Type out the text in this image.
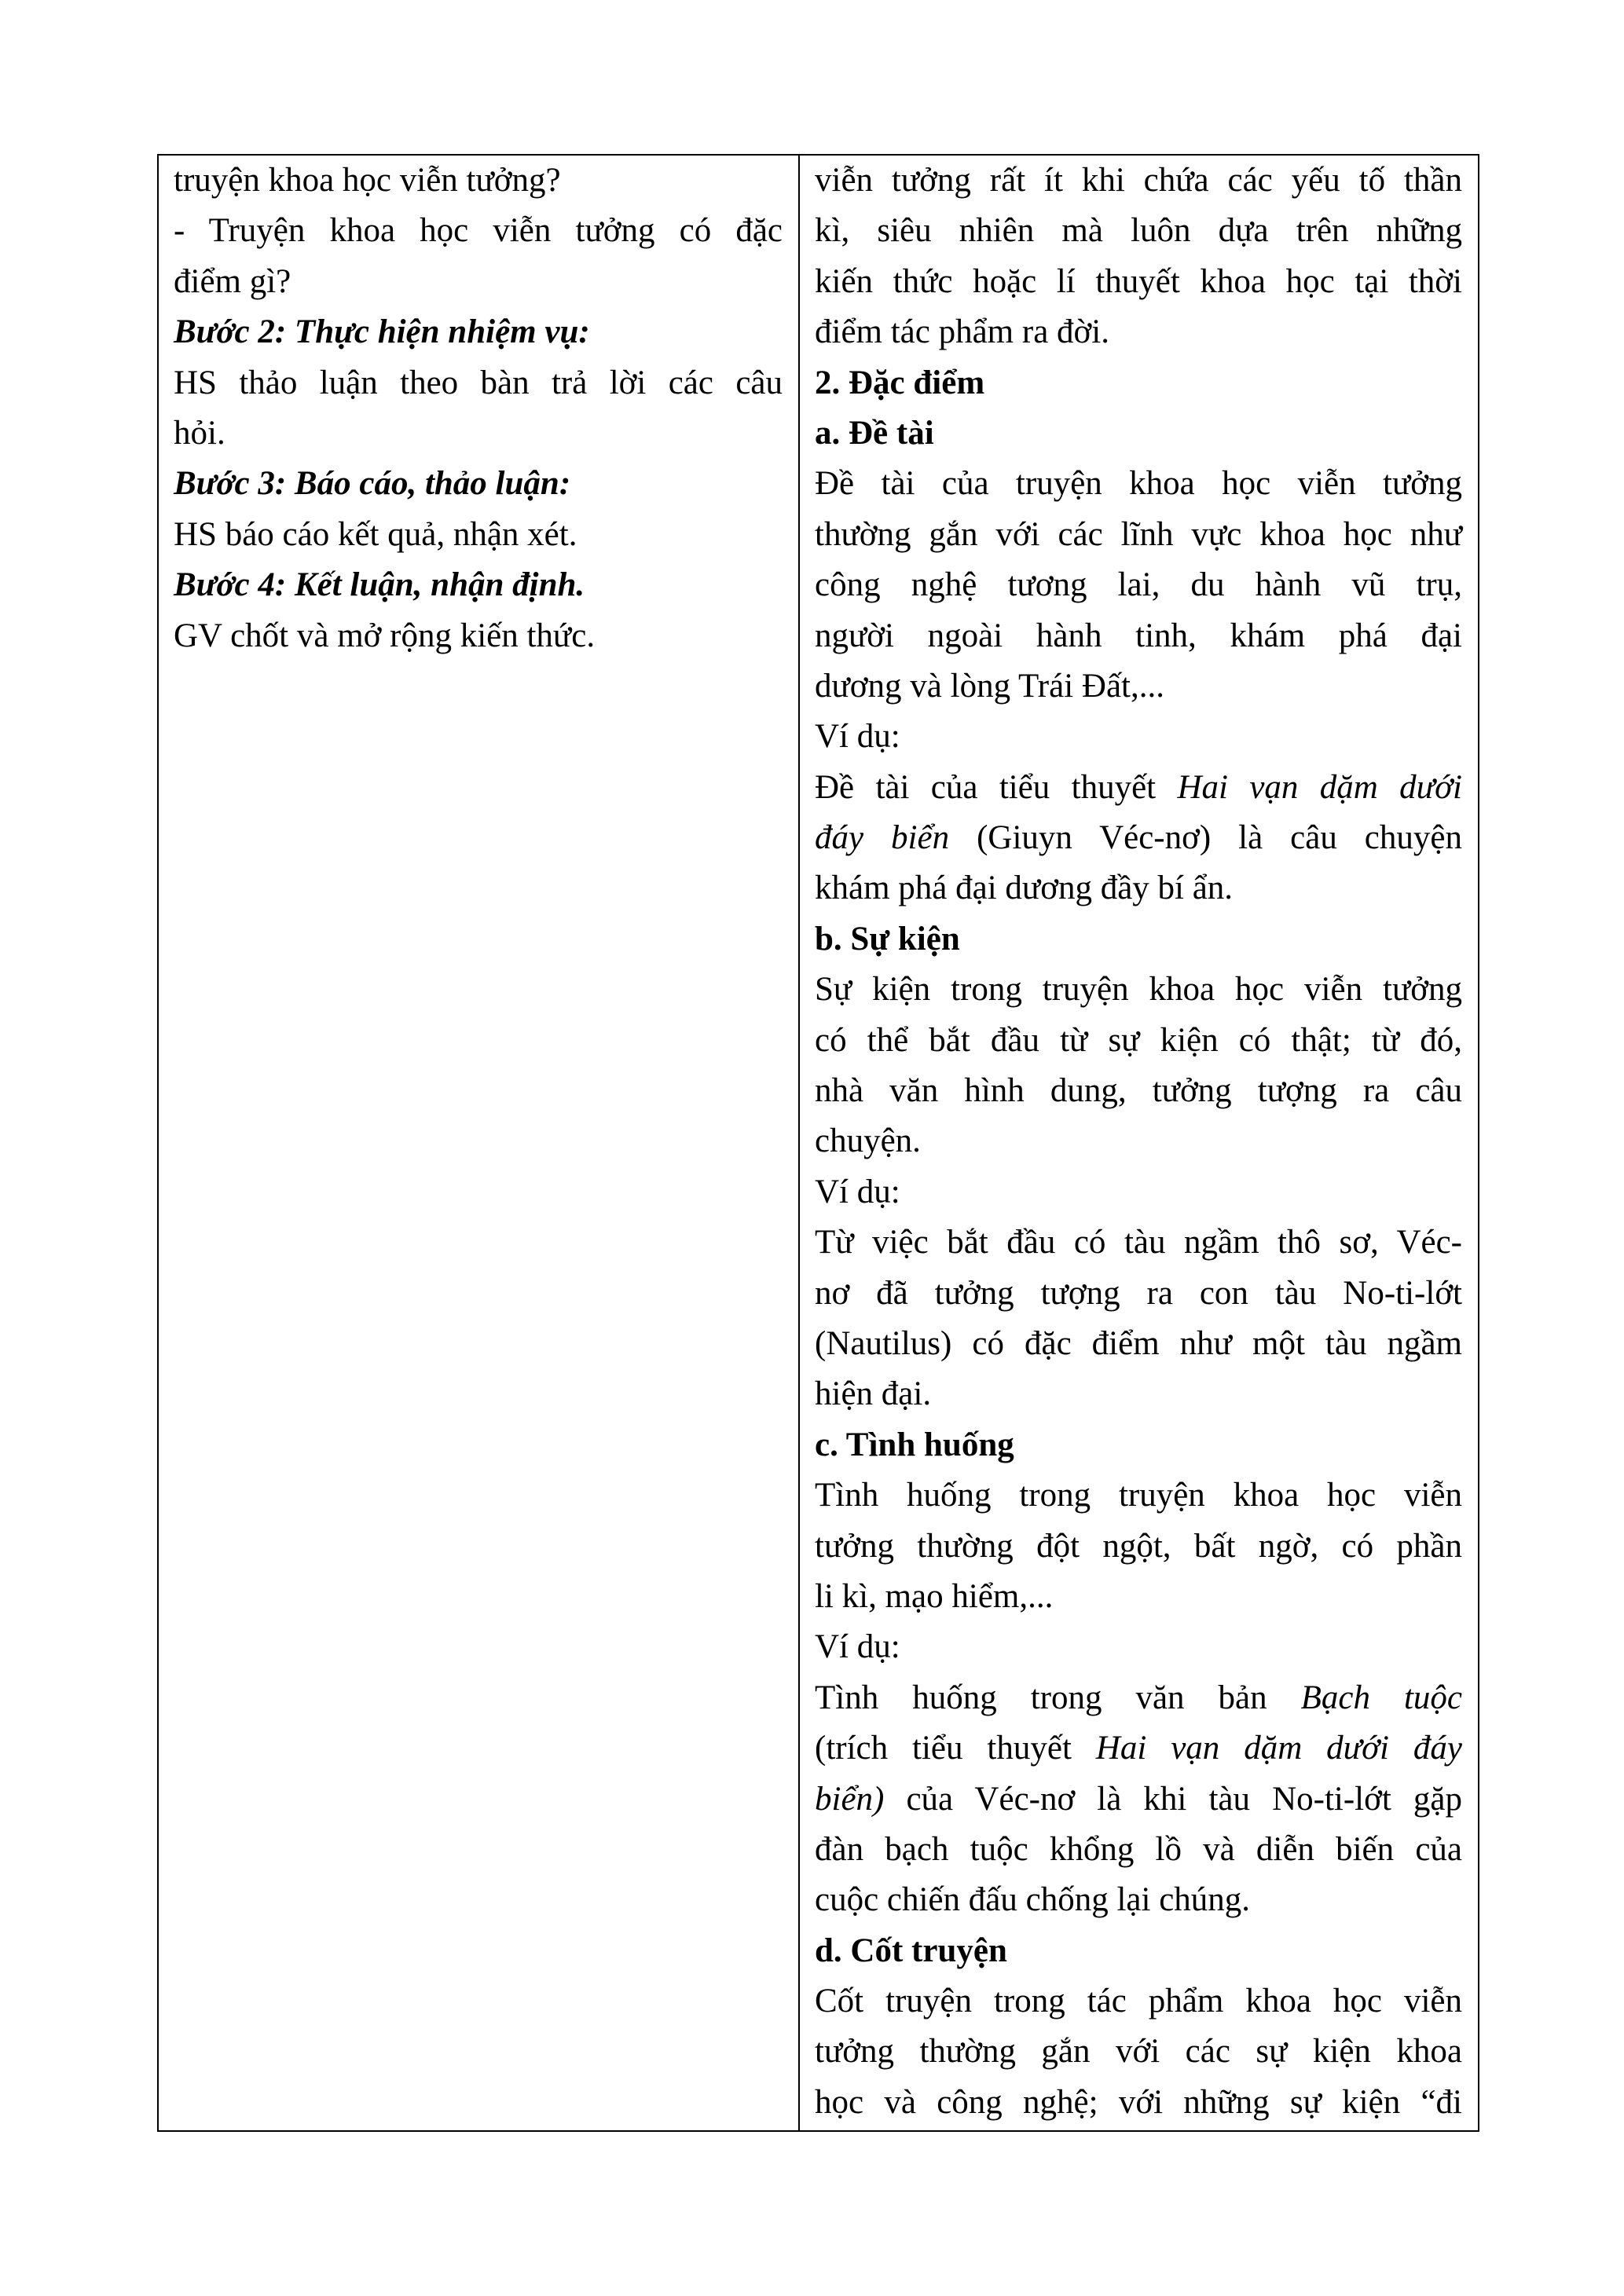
truyện khoa học viễn tưởng?
- Truyện khoa học viễn tưởng có đặc
điểm gì?
Bước 2: Thực hiện nhiệm vụ:
HS thảo luận theo bàn trả lời các câu
hỏi.
Bước 3: Báo cáo, thảo luận:
HS báo cáo kết quả, nhận xét.
Bước 4: Kết luận, nhận định.
GV chốt và mở rộng kiến thức.
viễn tưởng rất ít khi chứa các yếu tố thần
kì, siêu nhiên mà luôn dựa trên những
kiến thức hoặc lí thuyết khoa học tại thời
điểm tác phẩm ra đời.
2. Đặc điểm
a. Đề tài
Đề tài của truyện khoa học viễn tưởng
thường gắn với các lĩnh vực khoa học như
công nghệ tương lai, du hành vũ trụ,
người ngoài hành tinh, khám phá đại
dương và lòng Trái Đất,...
Ví dụ:
Đề tài của tiểu thuyết Hai vạn dặm dưới
đáy biển (Giuyn Véc-nơ) là câu chuyện
khám phá đại dương đầy bí ẩn.
b. Sự kiện
Sự kiện trong truyện khoa học viễn tưởng
có thể bắt đầu từ sự kiện có thật; từ đó,
nhà văn hình dung, tưởng tượng ra câu
chuyện.
Ví dụ:
Từ việc bắt đầu có tàu ngầm thô sơ, Véc-
nơ đã tưởng tượng ra con tàu No-ti-lớt
(Nautilus) có đặc điểm như một tàu ngầm
hiện đại.
c. Tình huống
Tình huống trong truyện khoa học viễn
tưởng thường đột ngột, bất ngờ, có phần
li kì, mạo hiểm,...
Ví dụ:
Tình huống trong văn bản Bạch tuộc
(trích tiểu thuyết Hai vạn dặm dưới đáy
biển) của Véc-nơ là khi tàu No-ti-lớt gặp
đàn bạch tuộc khổng lồ và diễn biến của
cuộc chiến đấu chống lại chúng.
d. Cốt truyện
Cốt truyện trong tác phẩm khoa học viễn
tưởng thường gắn với các sự kiện khoa
học và công nghệ; với những sự kiện “đi
